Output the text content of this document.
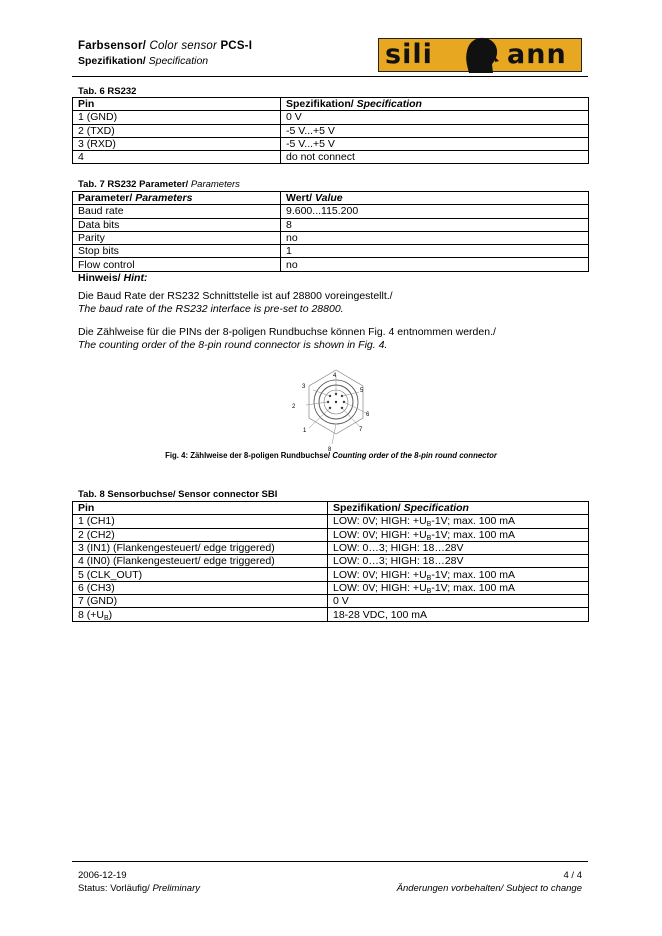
Farbsensor/ Color sensor PCS-I
Spezifikation/ Specification	sili	ann
Tab. 6 RS232
Pin	Spezifikation/ Specification
1 (GND)	0 V
2 (TXD)	-5 V...+5 V
3 (RXD)	-5 V...+5 V
4	do not connect
Tab. 7 RS232 Parameter/ Parameters
Parameter/ Parameters	Wert/ Value
Baud rate	9.600...115.200
Data bits	8
Parity	no
Stop bits	1
Flow control	no
Hinweis/ Hint:
Die Baud Rate der RS232 Schnittstelle ist auf 28800 voreingestellt./
The baud rate of the RS232 interface is pre-set to 28800.
Die Zählweise für die PINs der 8-poligen Rundbuchse können Fig. 4 entnommen werden./
The counting order of the 8-pin round connector is shown in Fig. 4.
1
2
3
4
5
6
7
8
Fig. 4: Zählweise der 8-poligen Rundbuchse/ Counting order of the 8-pin round connector
Tab. 8 Sensorbuchse/ Sensor connector SBI
Pin	Spezifikation/ Specification
1 (CH1)	LOW: 0V; HIGH: $+U_B-1V$; max. 100 mA
2 (CH2)	LOW: 0V; HIGH: $+U_B-1V$; max. 100 mA
3 (IN1) (Flankengesteuert/ edge triggered)	LOW: 0…3; HIGH: 18…28V
4 (IN0) (Flankengesteuert/ edge triggered)	LOW: 0…3; HIGH: 18…28V
5 (CLK_OUT)	LOW: 0V; HIGH: $+U_B-1V$; max. 100 mA
6 (CH3)	LOW: 0V; HIGH: $+U_B-1V$; max. 100 mA
7 (GND)	0 V
8 $(+U_B)$	18-28 VDC, 100 mA
2006-12-19
Status: Vorläufig/ Preliminary
4 / 4
Änderungen vorbehalten/ Subject to change
